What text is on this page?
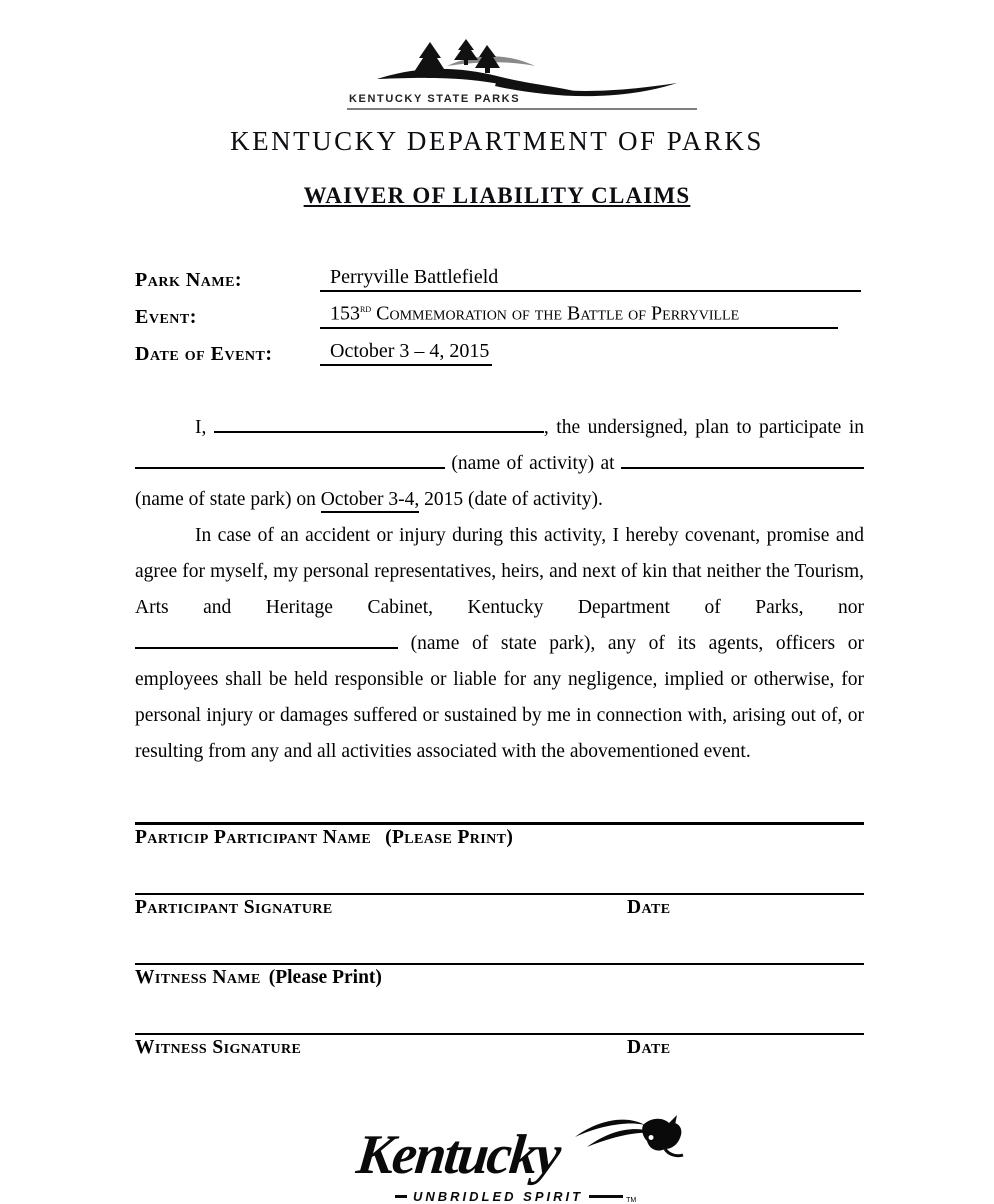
KENTUCKY STATE PARKS
KENTUCKY DEPARTMENT OF PARKS
WAIVER OF LIABILITY CLAIMS
Park Name:	Perryville Battlefield
Event:	153rd Commemoration of the Battle of Perryville
Date of Event:	October 3 – 4, 2015

I,	, the undersigned, plan to participate in  (name of activity) at (name of state park) on October 3-4, 2015 (date of activity).

In case of an accident or injury during this activity, I hereby covenant, promise and agree for myself, my personal representatives, heirs, and next of kin that neither the Tourism, Arts and Heritage Cabinet, Kentucky Department of Parks, nor  (name of state park), any of its agents, officers or employees shall be held responsible or liable for any negligence, implied or otherwise, for personal injury or damages suffered or sustained by me in connection with, arising out of, or resulting from any and all activities associated with the abovementioned event.

Particip Participant Name (Please Print)
Participant Signature	Date
Witness Name (Please Print)
Witness Signature	Date
Kentucky
UNBRIDLED SPIRIT	TM
